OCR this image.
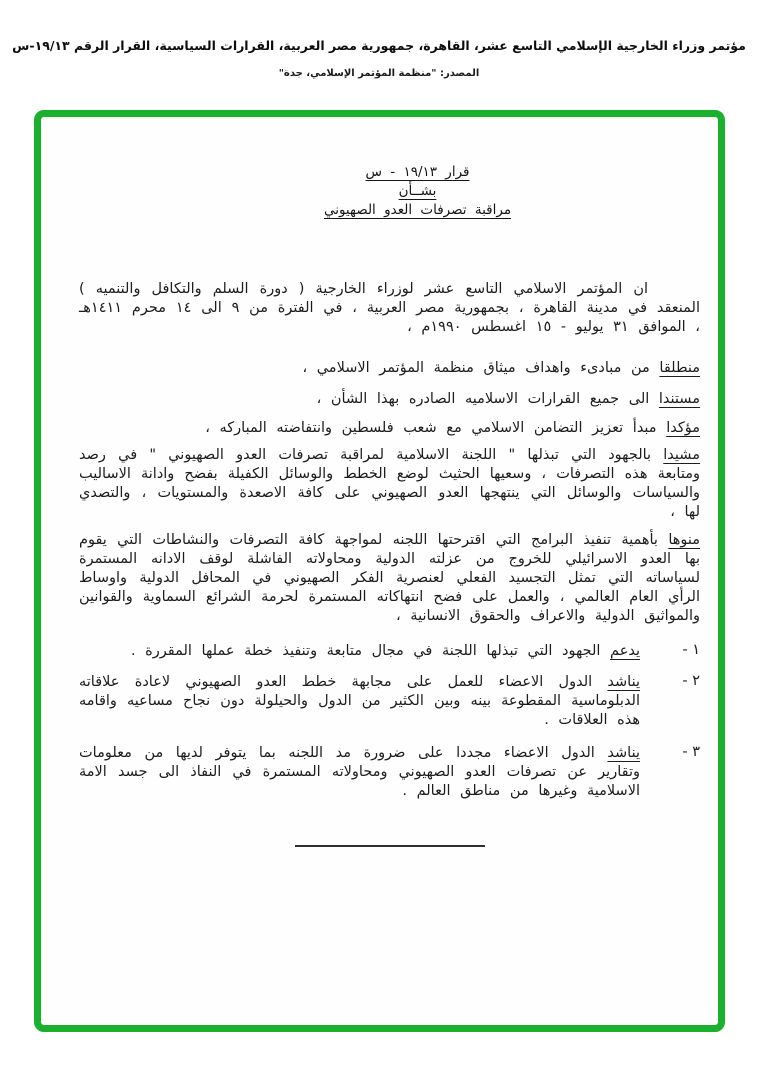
مؤتمر وزراء الخارجية الإسلامي التاسع عشر، القاهرة، جمهورية مصر العربية، القرارات السياسية، القرار الرقم ١٩/١٣-س
المصدر: "منظمة المؤتمر الإسلامي، جدة"
قرار ١٩/١٣ - س
بشــأن
مراقبة تصرفات العدو الصهيوني
ان المؤتمر الاسلامي التاسع عشر لوزراء الخارجية ( دورة السلم والتكافل والتنميه ) المنعقد في مدينة القاهرة ، بجمهورية مصر العربية ، في الفترة من ٩ الى ١٤ محرم ١٤١١هـ ، الموافق ٣١ يوليو - ١٥ اغسطس ١٩٩٠م ،
منطلقا من مبادىء واهداف ميثاق منظمة المؤتمر الاسلامي ،
مستندا الى جميع القرارات الاسلاميه الصادره بهذا الشأن ،
مؤكدا مبدأ تعزيز التضامن الاسلامي مع شعب فلسطين وانتفاضته المباركه ،
مشيدا بالجهود التي تبذلها " اللجنة الاسلامية لمراقبة تصرفات العدو الصهيوني " في رصد ومتابعة هذه التصرفات ، وسعيها الحثيث لوضع الخطط والوسائل الكفيلة بفضح وادانة الاساليب والسياسات والوسائل التي ينتهجها العدو الصهيوني على كافة الاصعدة والمستويات ، والتصدي لها ،
منوها بأهمية تنفيذ البرامج التي اقترحتها اللجنه لمواجهة كافة التصرفات والنشاطات التي يقوم بها العدو الاسرائيلي للخروج من عزلته الدولية ومحاولاته الفاشلة لوقف الادانه المستمرة لسياساته التي تمثل التجسيد الفعلي لعنصرية الفكر الصهيوني في المحافل الدولية واوساط الرأي العام العالمي ، والعمل على فضح انتهاكاته المستمرة لحرمة الشرائع السماوية والقوانين والمواثيق الدولية والاعراف والحقوق الانسانية ،
١ -
يدعم الجهود التي تبذلها اللجنة في مجال متابعة وتنفيذ خطة عملها المقررة .
٢ -
يناشد الدول الاعضاء للعمل على مجابهة خطط العدو الصهيوني لاعادة علاقاته الدبلوماسية المقطوعة بينه وبين الكثير من الدول والحيلولة دون نجاح مساعيه واقامه هذه العلاقات .
٣ -
يناشد الدول الاعضاء مجددا على ضرورة مد اللجنه بما يتوفر لديها من معلومات وتقارير عن تصرفات العدو الصهيوني ومحاولاته المستمرة في النفاذ الى جسد الامة الاسلامية وغيرها من مناطق العالم .
